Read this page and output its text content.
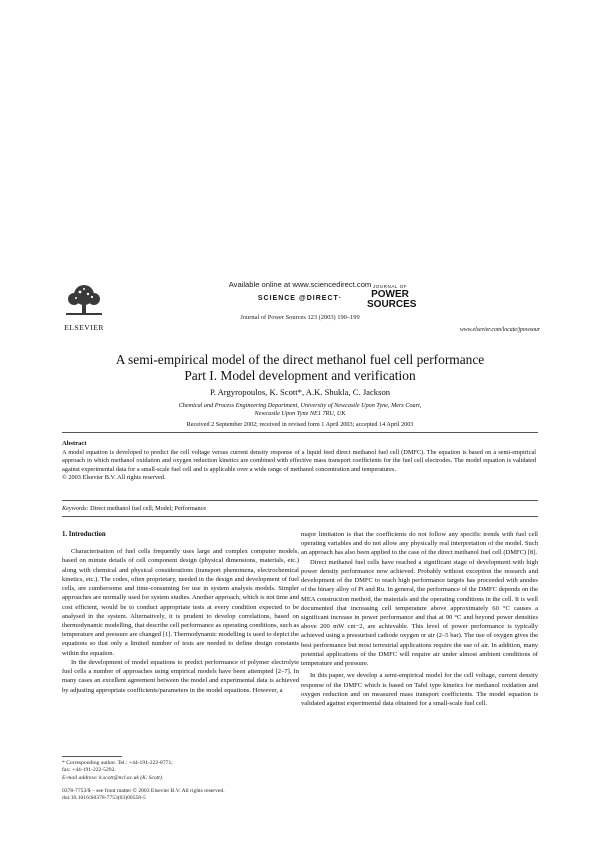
ELSEVIER
Available online at www.sciencedirect.com
SCIENCE @DIRECT·
Journal of Power Sources 123 (2003) 190–199
JOURNAL OF
POWER SOURCES
www.elsevier.com/locate/jpowsour
A semi-empirical model of the direct methanol fuel cell performance
Part I. Model development and verification
P. Argyropoulos, K. Scott*, A.K. Shukla, C. Jackson
Chemical and Process Engineering Department, University of Newcastle Upon Tyne, Merz Court,
Newcastle Upon Tyne NE1 7RU, UK
Received 2 September 2002; received in revised form 1 April 2003; accepted 14 April 2003
Abstract
A model equation is developed to predict the cell voltage versus current density response of a liquid feed direct methanol fuel cell (DMFC). The equation is based on a semi-empirical approach in which methanol oxidation and oxygen reduction kinetics are combined with effective mass transport coefficients for the fuel cell electrodes. The model equation is validated against experimental data for a small-scale fuel cell and is applicable over a wide range of methanol concentration and temperatures.
© 2003 Elsevier B.V. All rights reserved.
Keywords: Direct methanol fuel cell; Model; Performance
1. Introduction

Characterisation of fuel cells frequently uses large and complex computer models, based on minute details of cell component design (physical dimensions, materials, etc.) along with chemical and physical considerations (transport phenomena, electrochemical kinetics, etc.). The codes, often proprietary, needed in the design and development of fuel cells, are cumbersome and time-consuming for use in system analysis models. Simpler approaches are normally used for system studies. Another approach, which is not time and cost efficient, would be to conduct appropriate tests at every condition expected to be analysed in the system. Alternatively, it is prudent to develop correlations, based on thermodynamic modelling, that describe cell performance as operating conditions, such as temperature and pressure are changed [1]. Thermodynamic modelling is used to depict the equations so that only a limited number of tests are needed to define design constants within the equation.

In the development of model equations to predict performance of polymer electrolyte fuel cells a number of approaches using empirical models have been attempted [2–7]. In many cases an excellent agreement between the model and experimental data is achieved by adjusting appropriate coefficients/parameters in the model equations. However, a

* Corresponding author. Tel.: +44-191-222-8771;
fax: +44-191-222-5292.
E-mail address: k.scott@ncl.ac.uk (K. Scott).
0378-7753/$ – see front matter © 2003 Elsevier B.V. All rights reserved.
doi:10.1016/S0378-7753(03)00558-5

major limitation is that the coefficients do not follow any specific trends with fuel cell operating variables and do not allow any physically real interpretation of the model. Such an approach has also been applied to the case of the direct methanol fuel cell (DMFC) [8].

Direct methanol fuel cells have reached a significant stage of development with high power density performance now achieved. Probably without exception the research and development of the DMFC to reach high performance targets has proceeded with anodes of the binary alloy of Pt and Ru. In general, the performance of the DMFC depends on the MEA construction method, the materials and the operating conditions in the cell. It is well documented that increasing cell temperature above approximately 60 °C causes a significant increase in power performance and that at 90 °C and beyond power densities above 200 mW cm−2, are achievable. This level of power performance is typically achieved using a pressurised cathode oxygen or air (2–5 bar). The use of oxygen gives the best performance but most terrestrial applications require the use of air. In addition, many potential applications of the DMFC will require air under almost ambient conditions of temperature and pressure.

In this paper, we develop a semi-empirical model for the cell voltage, current density response of the DMFC which is based on Tafel type kinetics for methanol oxidation and oxygen reduction and on measured mass transport coefficients. The model equation is validated against experimental data obtained for a small-scale fuel cell.
